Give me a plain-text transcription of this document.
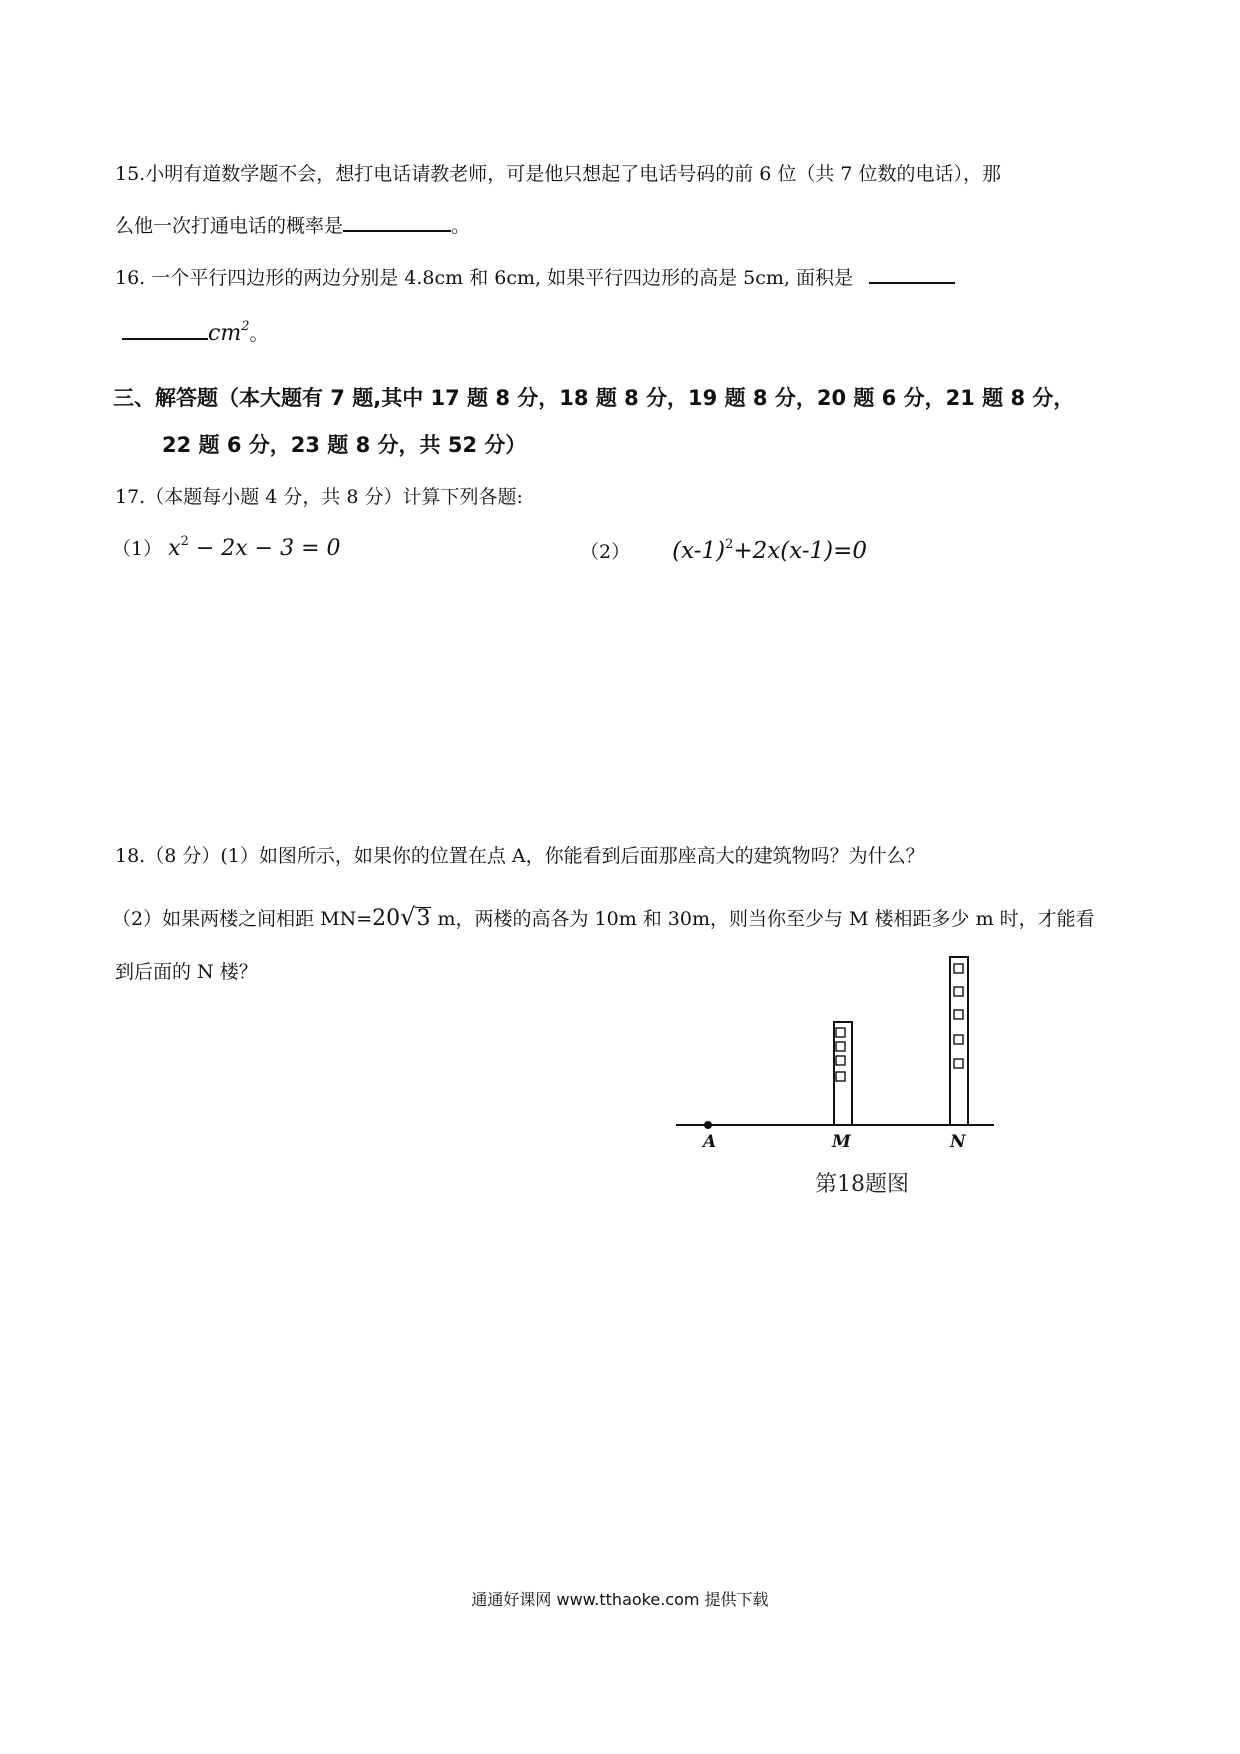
15.小明有道数学题不会，想打电话请教老师，可是他只想起了电话号码的前 6 位（共 7 位数的电话），那
么他一次打通电话的概率是	。
16. 一个平行四边形的两边分别是 4.8cm 和 6cm, 如果平行四边形的高是 5cm, 面积是
$cm^2$。
三、解答题（本大题有 7 题,其中 17 题 8 分，18 题 8 分，19 题 8 分，20 题 6 分，21 题 8 分，
22 题 6 分，23 题 8 分，共 52 分）
17.（本题每小题 4 分，共 8 分）计算下列各题:
（1） $x^2 - 2x - 3 = 0$	（2） $(x-1)^2+2x(x-1)=0$
18.（8 分）(1）如图所示，如果你的位置在点 A，你能看到后面那座高大的建筑物吗？为什么？
（2）如果两楼之间相距 MN=20√3 m，两楼的高各为 10m 和 30m，则当你至少与 M 楼相距多少 m 时，才能看
到后面的 N 楼？
A	M	N
第18题图
通通好课网 www.tthaoke.com 提供下载
